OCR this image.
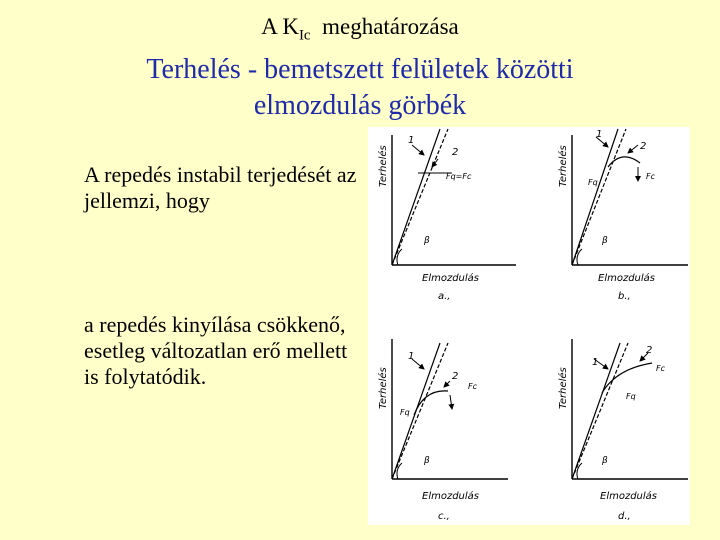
A $K_{Ic}$  meghatározása
Terhelés - bemetszett felületek közötti
elmozdulás görbék
A repedés instabil terjedését az jellemzi, hogy
a repedés kinyílása csökkenő, esetleg változatlan erő mellett is folytatódik.
Terhelés
1
2
Fq=Fc
β
Elmozdulás
a.,
Terhelés
1
2
Fq
Fc
β
Elmozdulás
b.,
Terhelés
1
2
Fq
Fc
β
Elmozdulás
c.,
Terhelés
1
2
Fq
Fc
β
Elmozdulás
d.,
